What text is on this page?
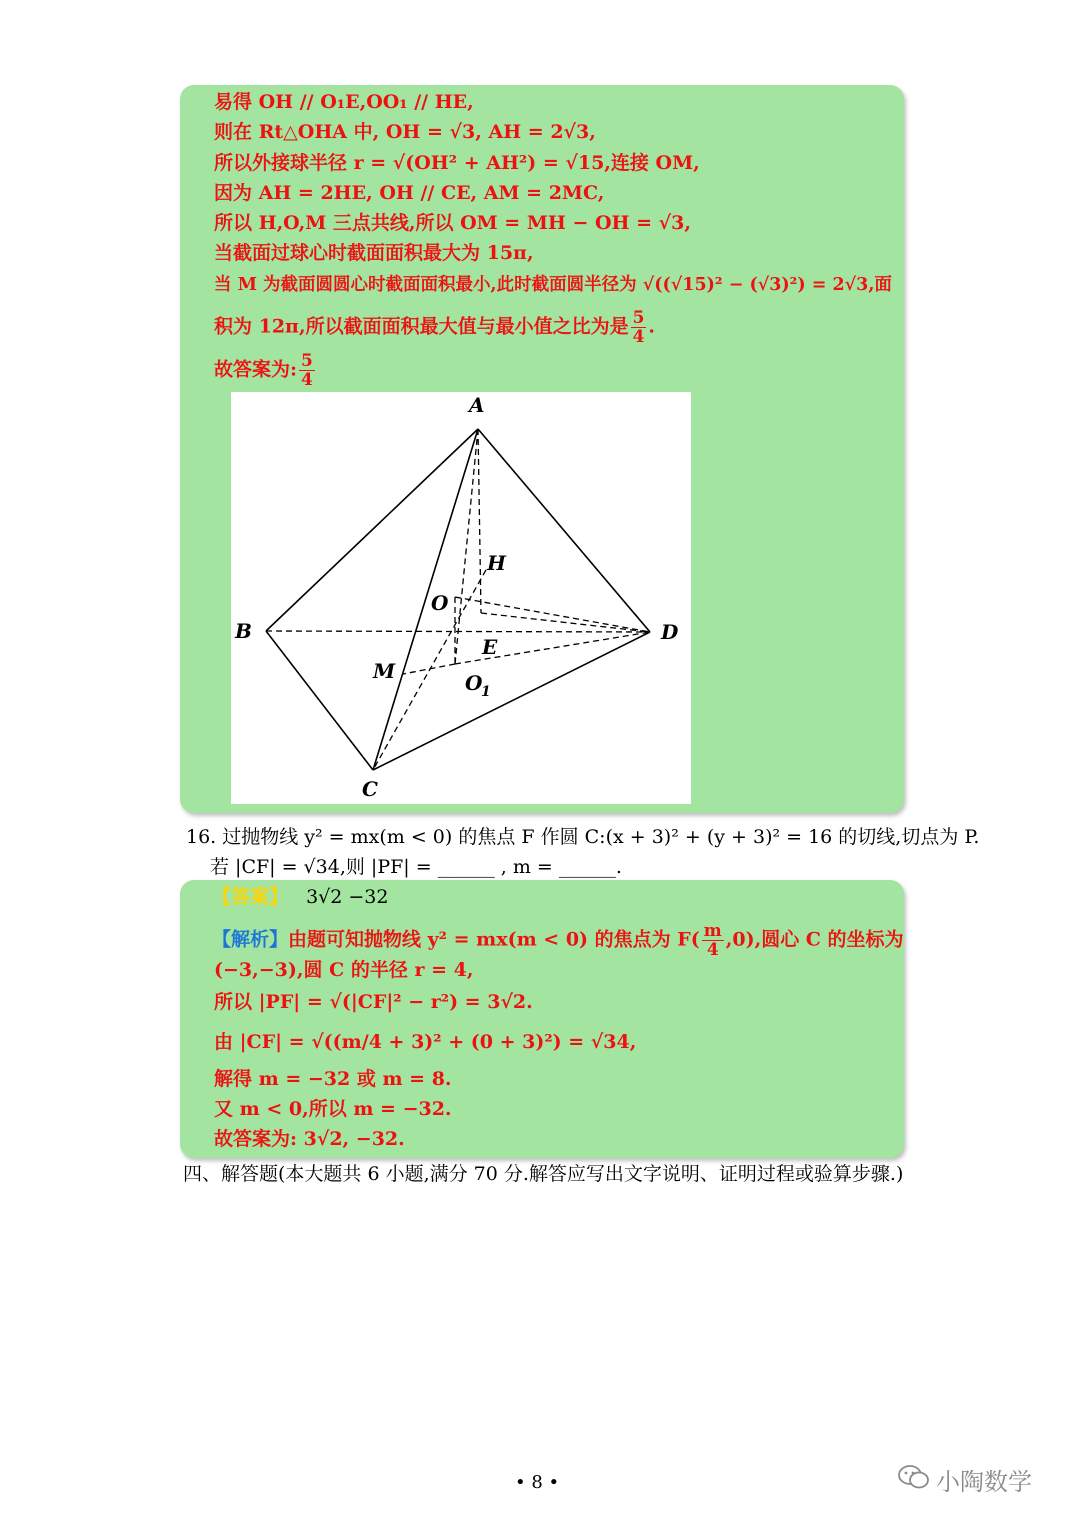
易得 OH // O₁E,OO₁ // HE,
则在 Rt△OHA 中, OH = √3, AH = 2√3,
所以外接球半径 r = √(OH² + AH²) = √15,连接 OM,
因为 AH = 2HE, OH // CE, AM = 2MC,
所以 H,O,M 三点共线,所以 OM = MH − OH = √3,
当截面过球心时截面面积最大为 15π,
当 M 为截面圆圆心时截面面积最小,此时截面圆半径为 √((√15)² − (√3)²) = 2√3,面
积为 12π,所以截面面积最大值与最小值之比为是 $\frac{5}{4}$ .
故答案为: $\frac{5}{4}$
A
B
C
D
H
O
E
M	O
1
16. 过抛物线 y² = mx(m < 0) 的焦点 F 作圆 C:(x + 3)² + (y + 3)² = 16 的切线,切点为 P.
若 |CF| = √34,则 |PF| = ______ , m = ______.
【答案】 3√2 −32
【解析】由题可知抛物线 y² = mx(m < 0) 的焦点为 $F( \frac{m}{4} ,0)$,圆心 C 的坐标为
(−3,−3),圆 C 的半径 r = 4,
所以 |PF| = √(|CF|² − r²) = 3√2.
由 |CF| = √((m/4 + 3)² + (0 + 3)²) = √34,
解得 m = −32 或 m = 8.
又 m < 0,所以 m = −32.
故答案为: 3√2, −32.
四、解答题(本大题共 6 小题,满分 70 分.解答应写出文字说明、证明过程或验算步骤.)
• 8 •	小陶数学
